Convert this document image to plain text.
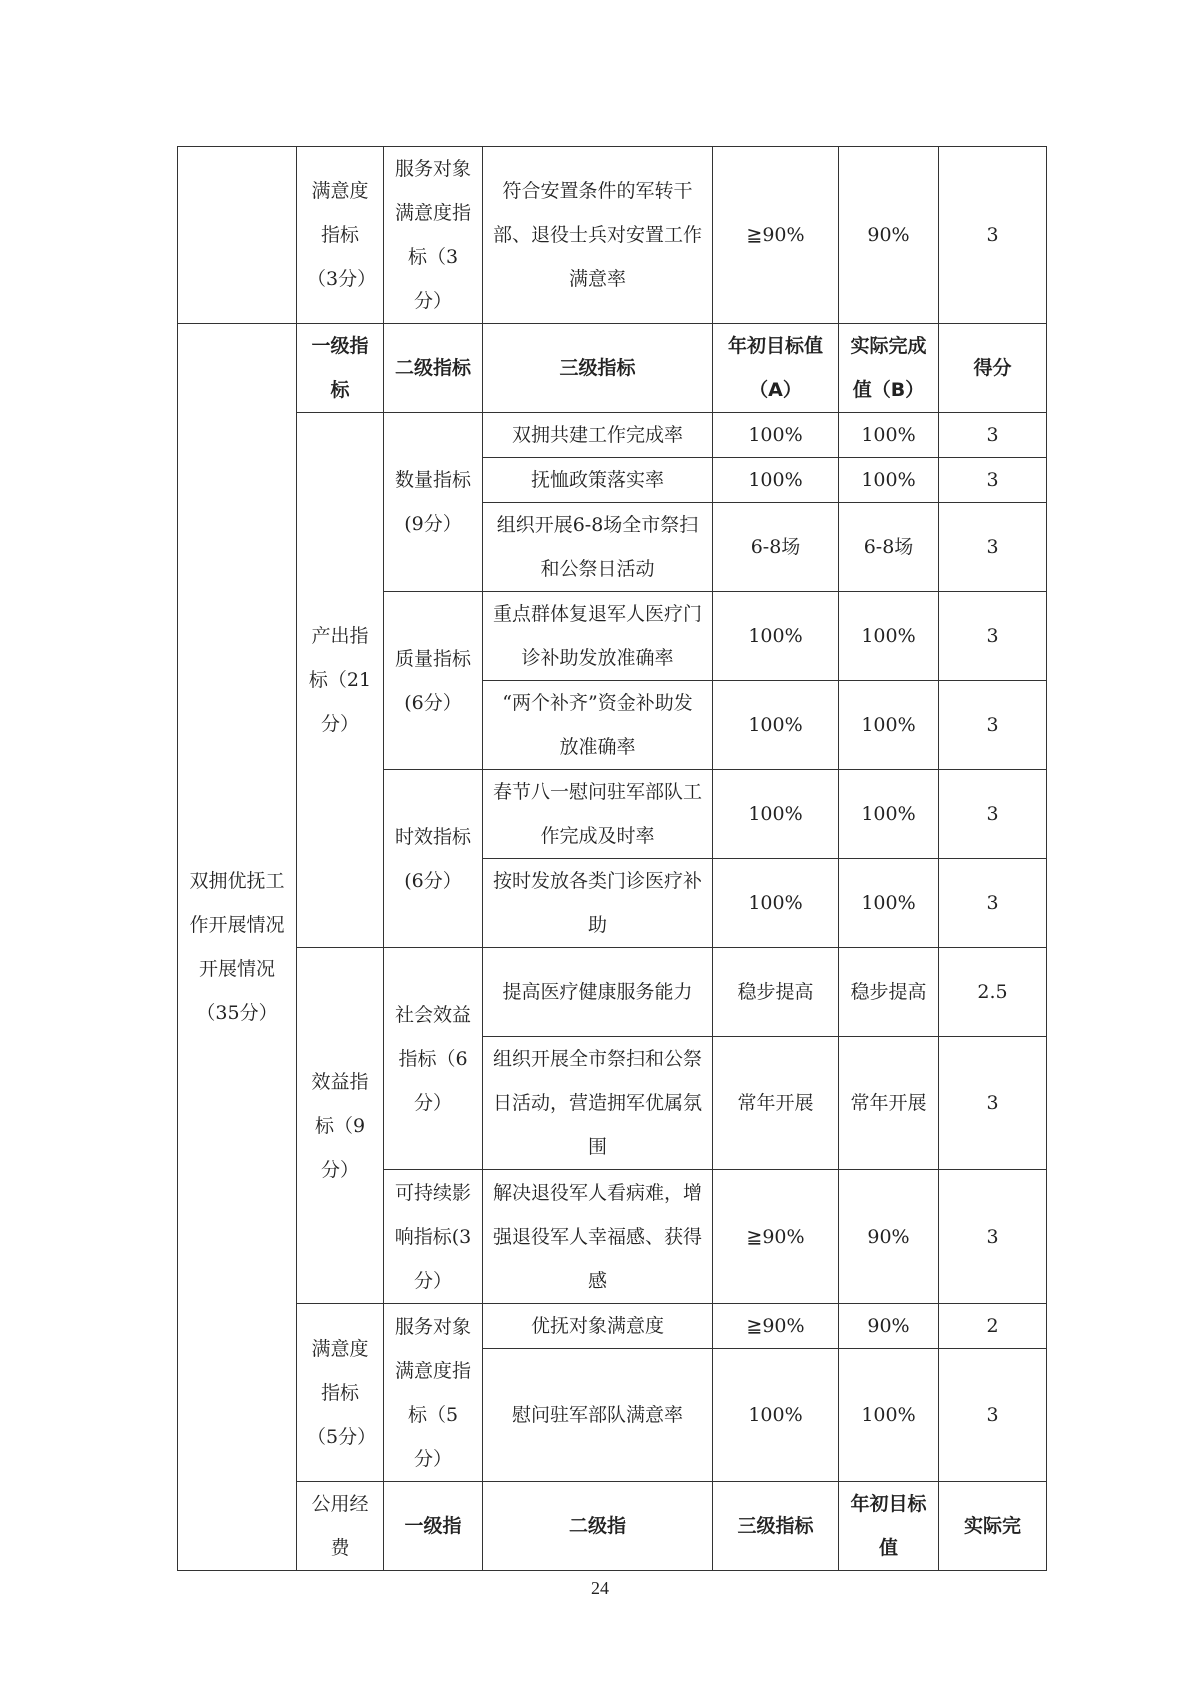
	满意度指标（3分）	服务对象满意度指标（3分）	符合安置条件的军转干部、退役士兵对安置工作满意率	≧90%	90%	3	
双拥优抚工作开展情况开展情况（35分）	一级指标	二级指标	三级指标	年初目标值（A）	实际完成值（B）	得分	
	产出指标（21分）	数量指标(9分）	双拥共建工作完成率	100%	100%	3	
			抚恤政策落实率	100%	100%	3	
			组织开展6-8场全市祭扫和公祭日活动	6-8场	6-8场	3	
		质量指标(6分）	重点群体复退军人医疗门诊补助发放准确率	100%	100%	3	
			“两个补齐”资金补助发放准确率	100%	100%	3	
		时效指标(6分）	春节八一慰问驻军部队工作完成及时率	100%	100%	3	
			按时发放各类门诊医疗补助	100%	100%	3	
	效益指标（9分）	社会效益指标（6分）	提高医疗健康服务能力	稳步提高	稳步提高	2.5	
			组织开展全市祭扫和公祭日活动，营造拥军优属氛围	常年开展	常年开展	3	
		可持续影响指标(3分）	解决退役军人看病难，增强退役军人幸福感、获得感	≧90%	90%	3	
	满意度指标（5分）	服务对象满意度指标（5分）	优抚对象满意度	≧90%	90%	2	
			慰问驻军部队满意率	100%	100%	3	
	公用经费	一级指	二级指	三级指标	年初目标值	实际完	
24
